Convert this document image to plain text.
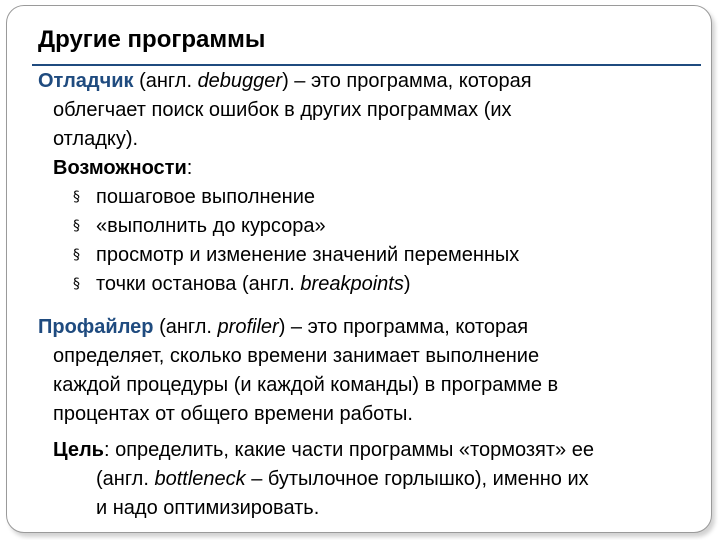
Другие программы
Отладчик (англ. debugger) – это программа, которая
облегчает поиск ошибок в других программах (их
отладку).
Возможности:
§ пошаговое выполнение
§ «выполнить до курсора»
§ просмотр и изменение значений переменных
§ точки останова (англ. breakpoints)
Профайлер (англ. profiler) – это программа, которая
определяет, сколько времени занимает выполнение
каждой процедуры (и каждой команды) в программе в
процентах от общего времени работы.
Цель: определить, какие части программы «тормозят» ее
(англ. bottleneck – бутылочное горлышко), именно их
и надо оптимизировать.
